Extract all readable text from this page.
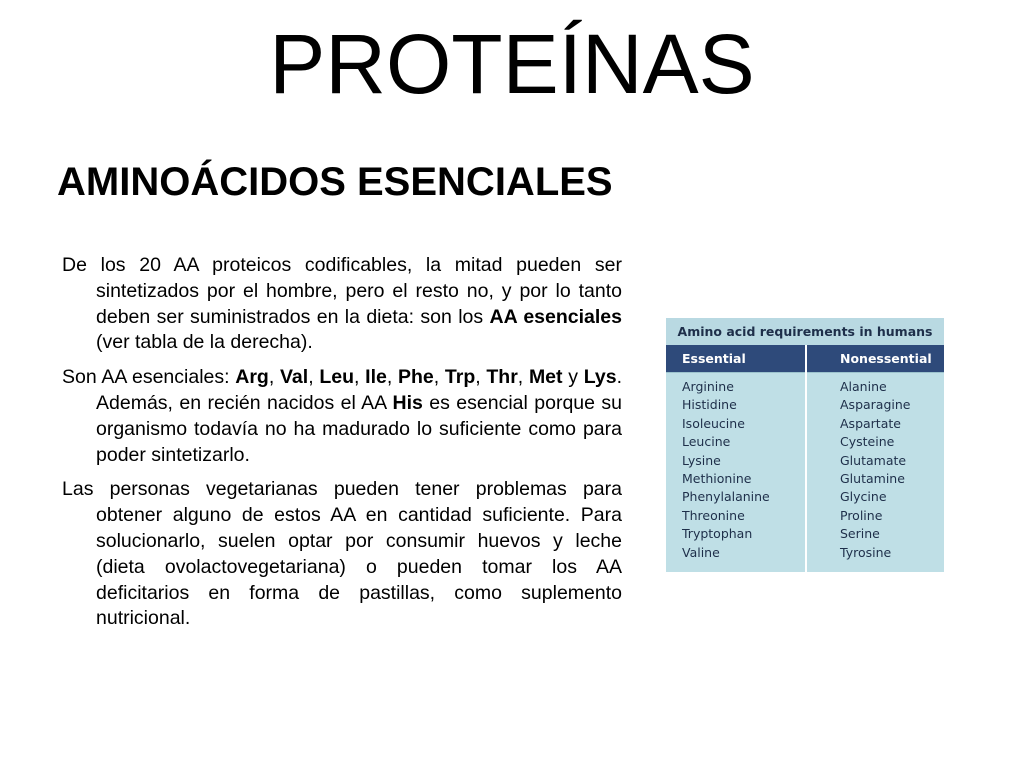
PROTEÍNAS
AMINOÁCIDOS ESENCIALES

De los 20 AA proteicos codificables, la mitad pueden ser sintetizados por el hombre, pero el resto no, y por lo tanto deben ser suministrados en la dieta: son los AA esenciales (ver tabla de la derecha).

Son AA esenciales: Arg, Val, Leu, Ile, Phe, Trp, Thr, Met y Lys. Además, en recién nacidos el AA His es esencial porque su organismo todavía no ha madurado lo suficiente como para poder sintetizarlo.

Las personas vegetarianas pueden tener problemas para obtener alguno de estos AA en cantidad suficiente. Para solucionarlo, suelen optar por consumir huevos y leche (dieta ovolactovegetariana) o pueden tomar los AA deficitarios en forma de pastillas, como suplemento nutricional.

Amino acid requirements in humans
Essential	Nonessential
Arginine
Histidine
Isoleucine
Leucine
Lysine
Methionine
Phenylalanine
Threonine
Tryptophan
Valine
Alanine
Asparagine
Aspartate
Cysteine
Glutamate
Glutamine
Glycine
Proline
Serine
Tyrosine
